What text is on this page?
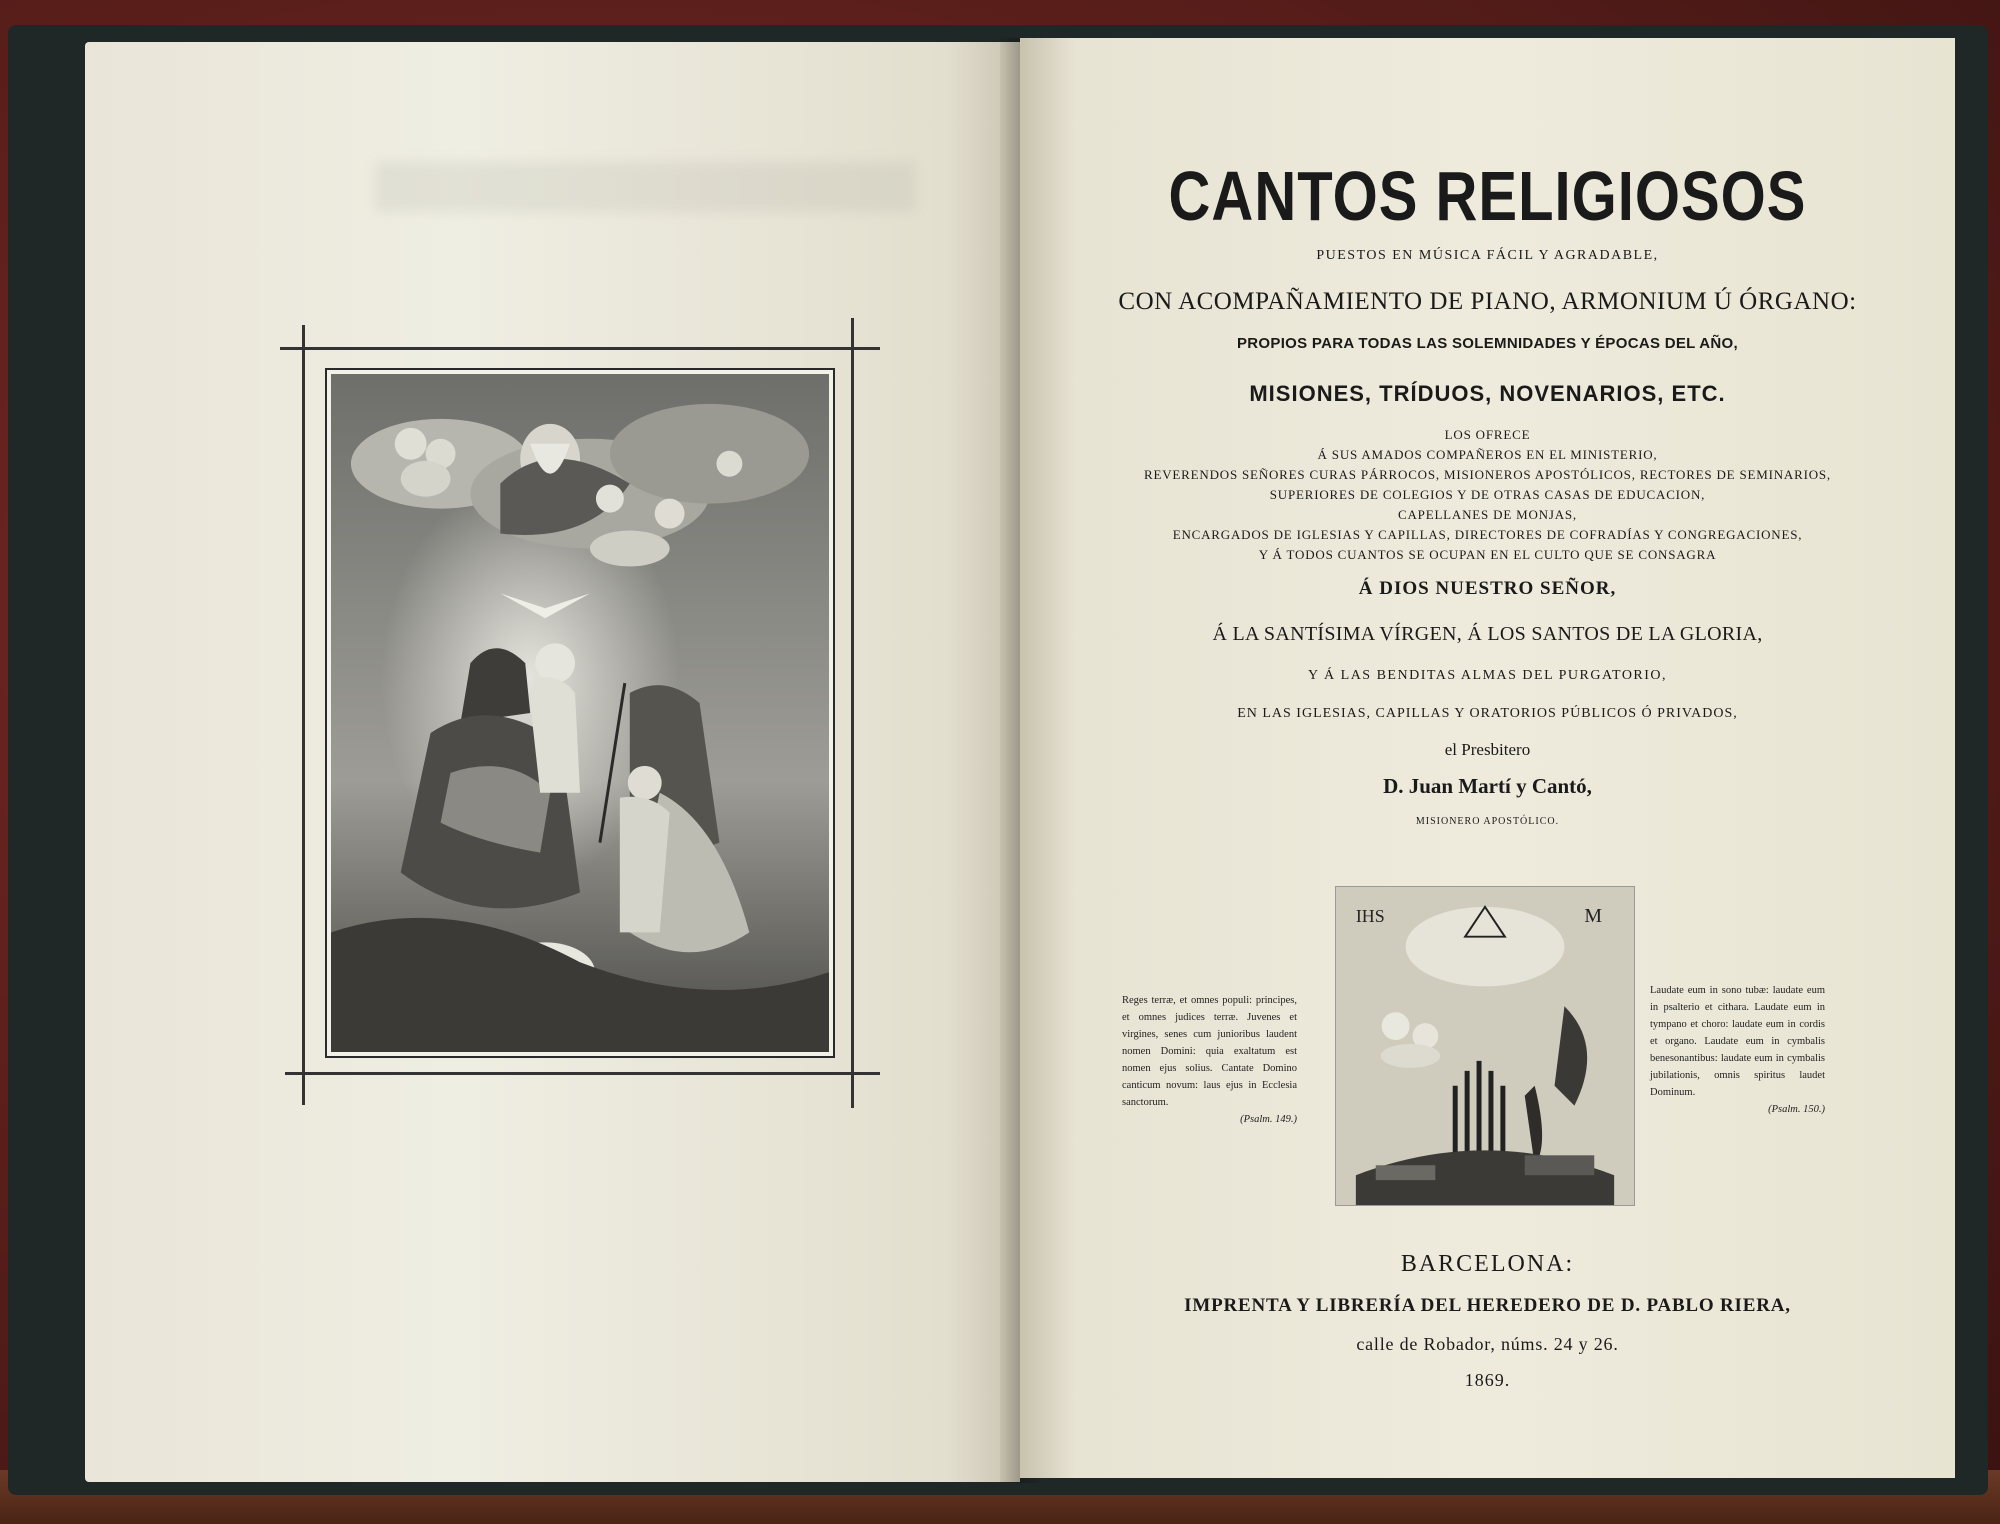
CANTOS RELIGIOSOS
PUESTOS EN MÚSICA FÁCIL Y AGRADABLE,
CON ACOMPAÑAMIENTO DE PIANO, ARMONIUM Ú ÓRGANO:
PROPIOS PARA TODAS LAS SOLEMNIDADES Y ÉPOCAS DEL AÑO,
MISIONES, TRÍDUOS, NOVENARIOS, ETC.
LOS OFRECE
Á SUS AMADOS COMPAÑEROS EN EL MINISTERIO,
REVERENDOS SEÑORES CURAS PÁRROCOS, MISIONEROS APOSTÓLICOS, RECTORES DE SEMINARIOS,
SUPERIORES DE COLEGIOS Y DE OTRAS CASAS DE EDUCACION,
CAPELLANES DE MONJAS,
ENCARGADOS DE IGLESIAS Y CAPILLAS, DIRECTORES DE COFRADÍAS Y CONGREGACIONES,
Y Á TODOS CUANTOS SE OCUPAN EN EL CULTO QUE SE CONSAGRA
Á DIOS NUESTRO SEÑOR,
Á LA SANTÍSIMA VÍRGEN, Á LOS SANTOS DE LA GLORIA,
Y Á LAS BENDITAS ALMAS DEL PURGATORIO,
EN LAS IGLESIAS, CAPILLAS Y ORATORIOS PÚBLICOS Ó PRIVADOS,
el Presbitero
D. Juan Martí y Cantó,
MISIONERO APOSTÓLICO.
Reges terræ, et omnes populi: principes, et omnes judices terræ. Juvenes et virgines, senes cum junioribus laudent nomen Domini: quia exaltatum est nomen ejus solius. Cantate Domino canticum novum: laus ejus in Ecclesia sanctorum.
(Psalm. 149.)
IHS	M
Laudate eum in sono tubæ: laudate eum in psalterio et cithara. Laudate eum in tympano et choro: laudate eum in cordis et organo. Laudate eum in cymbalis benesonantibus: laudate eum in cymbalis jubilationis, omnis spiritus laudet Dominum.
(Psalm. 150.)
BARCELONA:
IMPRENTA Y LIBRERÍA DEL HEREDERO DE D. PABLO RIERA,
calle de Robador, núms. 24 y 26.
1869.
